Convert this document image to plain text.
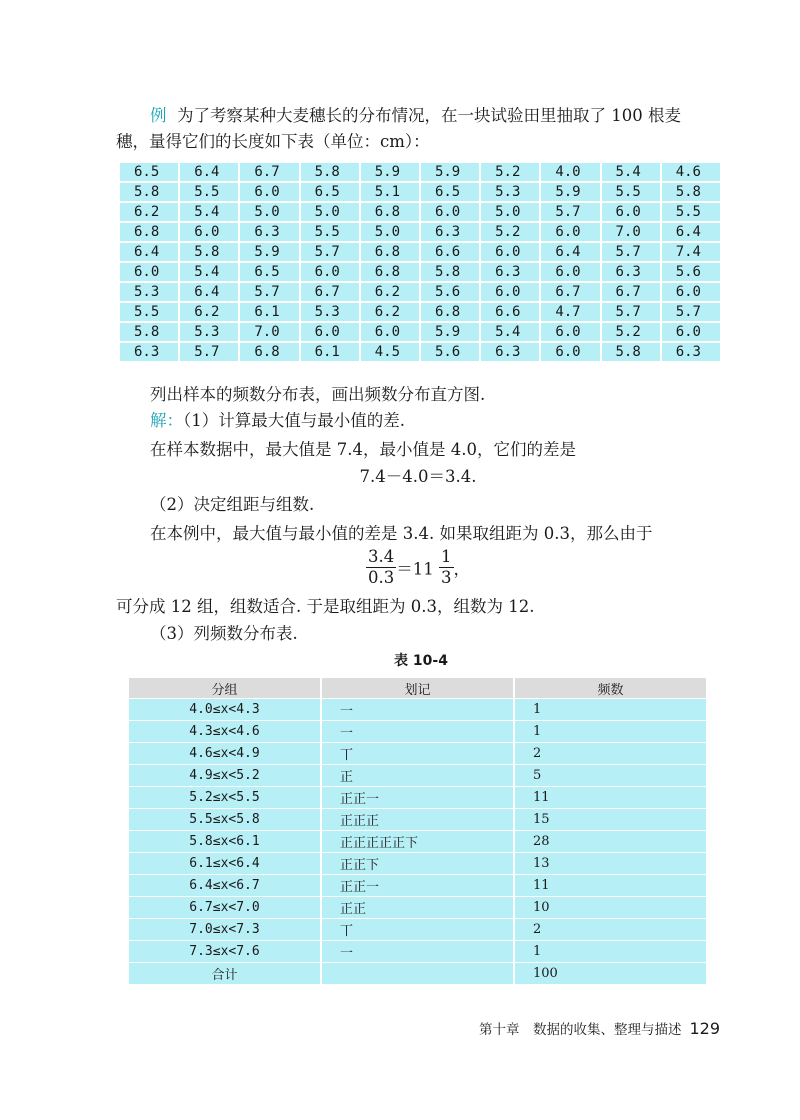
例 为了考察某种大麦穗长的分布情况，在一块试验田里抽取了 100 根麦

穗，量得它们的长度如下表（单位：cm）：

6.5	6.4	6.7	5.8	5.9	5.9	5.2	4.0	5.4	4.6
5.8	5.5	6.0	6.5	5.1	6.5	5.3	5.9	5.5	5.8
6.2	5.4	5.0	5.0	6.8	6.0	5.0	5.7	6.0	5.5
6.8	6.0	6.3	5.5	5.0	6.3	5.2	6.0	7.0	6.4
6.4	5.8	5.9	5.7	6.8	6.6	6.0	6.4	5.7	7.4
6.0	5.4	6.5	6.0	6.8	5.8	6.3	6.0	6.3	5.6
5.3	6.4	5.7	6.7	6.2	5.6	6.0	6.7	6.7	6.0
5.5	6.2	6.1	5.3	6.2	6.8	6.6	4.7	5.7	5.7
5.8	5.3	7.0	6.0	6.0	5.9	5.4	6.0	5.2	6.0
6.3	5.7	6.8	6.1	4.5	5.6	6.3	6.0	5.8	6.3

列出样本的频数分布表，画出频数分布直方图.

解：（1）计算最大值与最小值的差.

在样本数据中，最大值是 7.4，最小值是 4.0，它们的差是

7.4－4.0＝3.4.

（2）决定组距与组数.

在本例中，最大值与最小值的差是 3.4. 如果取组距为 0.3，那么由于

$\frac{3.4}{0.3} =11 \frac{1}{3}$ ，

可分成 12 组，组数适合. 于是取组距为 0.3，组数为 12.

（3）列频数分布表.

表 10-4
分组	划记	频数
4.0≤x<4.3	一	1
4.3≤x<4.6	一	1
4.6≤x<4.9	丅	2
4.9≤x<5.2	正	5
5.2≤x<5.5	正正一	11
5.5≤x<5.8	正正正	15
5.8≤x<6.1	正正正正正下	28
6.1≤x<6.4	正正下	13
6.4≤x<6.7	正正一	11
6.7≤x<7.0	正正	10
7.0≤x<7.3	丅	2
7.3≤x<7.6	一	1
合计		100
第十章　数据的收集、整理与描述 129
